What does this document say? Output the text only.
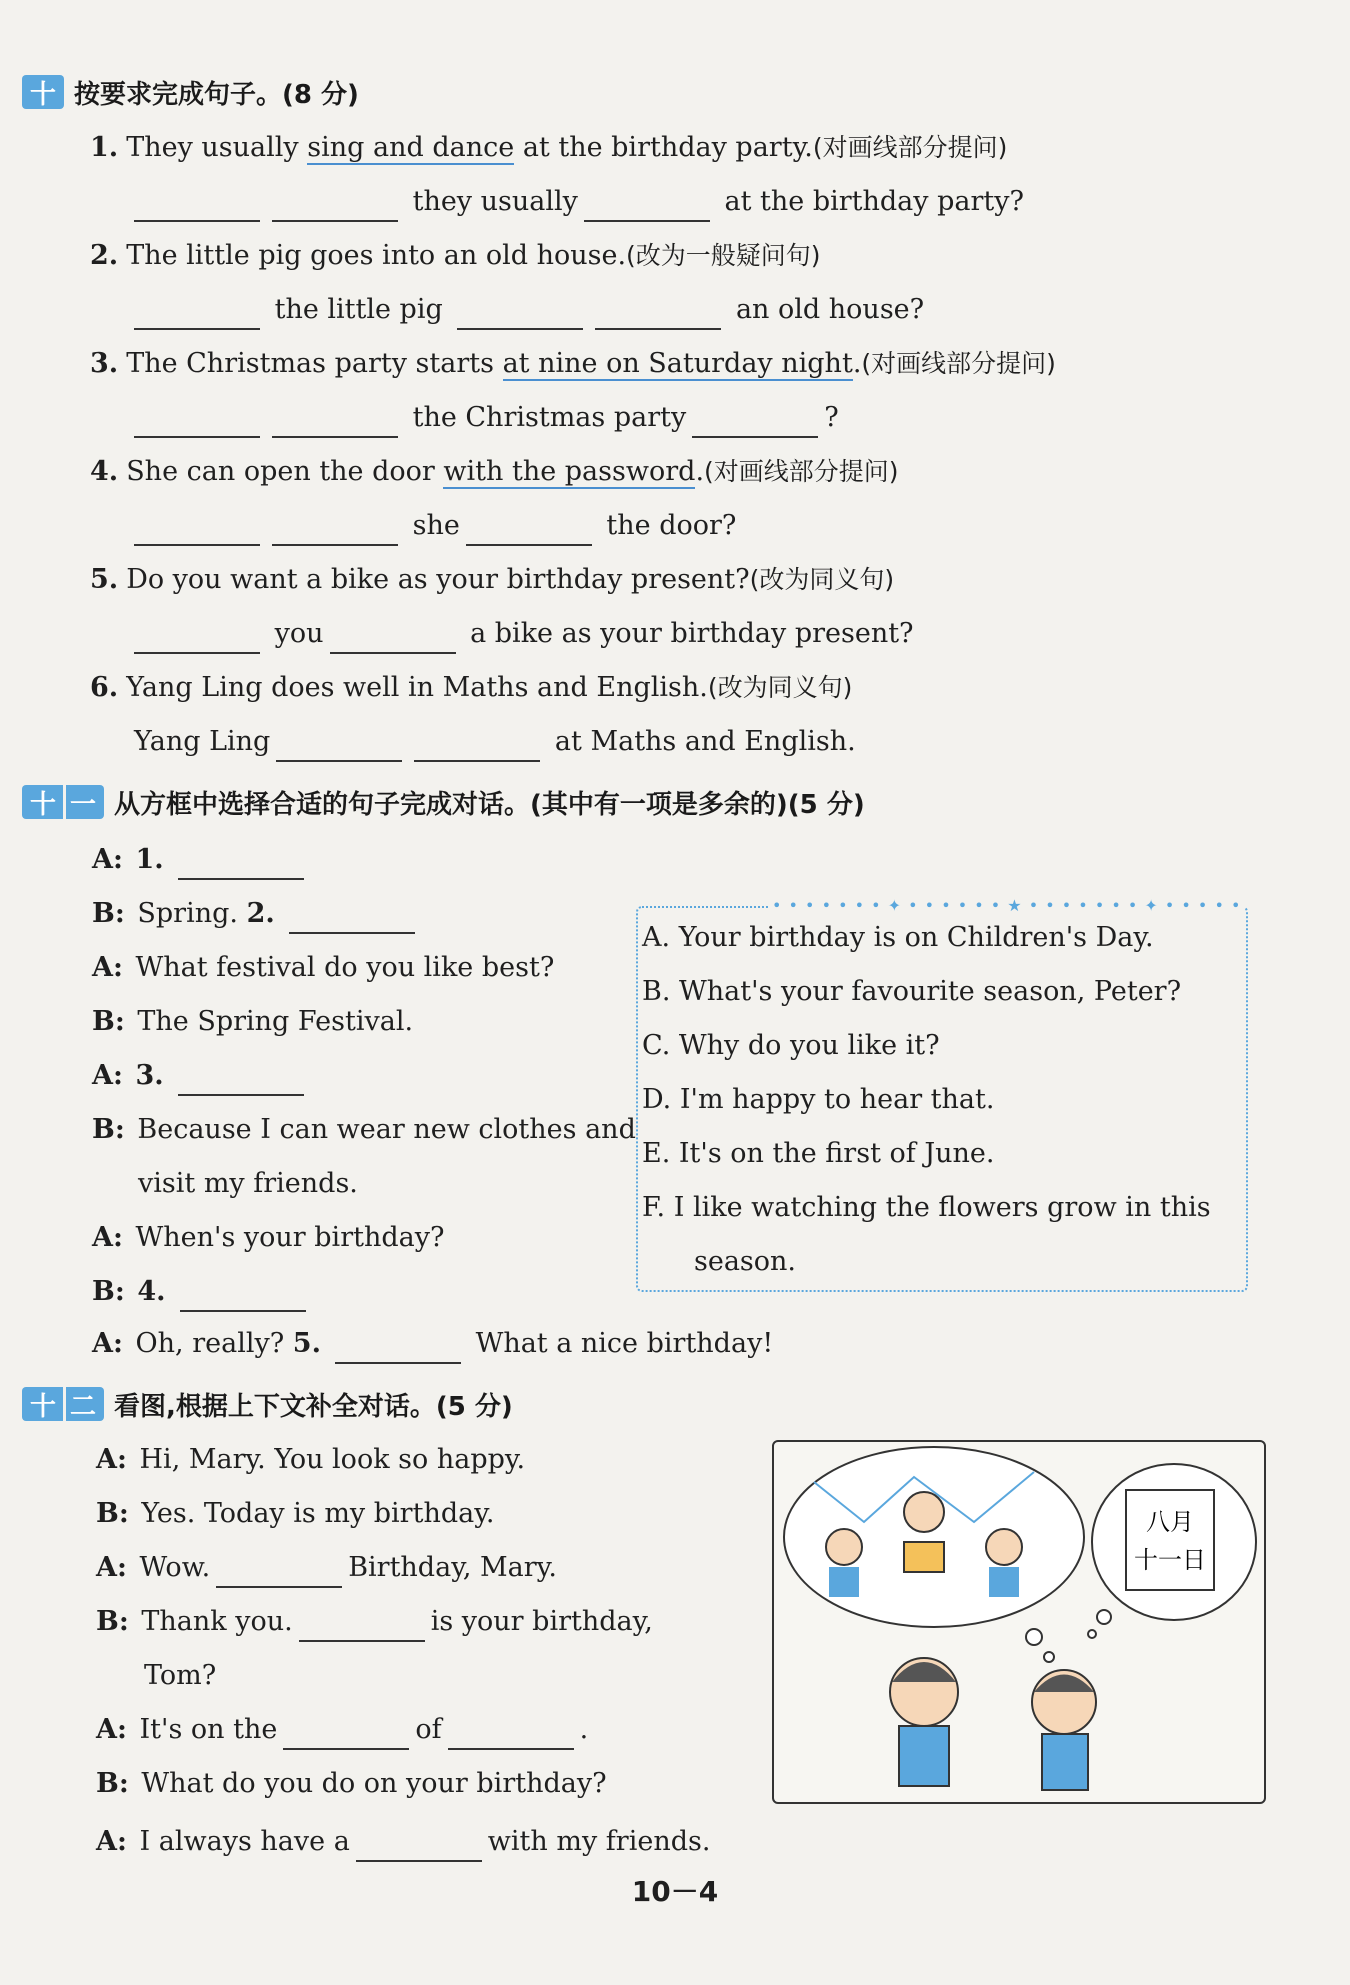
十 按要求完成句子。(8 分)
1. They usually sing and dance at the birthday party.(对画线部分提问)
they usually	at the birthday party?
2. The little pig goes into an old house.(改为一般疑问句)
the little pig	an old house?
3. The Christmas party starts at nine on Saturday night.(对画线部分提问)
the Christmas party	?
4. She can open the door with the password.(对画线部分提问)
she	the door?
5. Do you want a bike as your birthday present?(改为同义句)
you	a bike as your birthday present?
6. Yang Ling does well in Maths and English.(改为同义句)
Yang Ling	at Maths and English.
十 一 从方框中选择合适的句子完成对话。(其中有一项是多余的)(5 分)
A: 1.
B: Spring. 2.
A: What festival do you like best?
B: The Spring Festival.
A: 3.
B: Because I can wear new clothes and
visit my friends.
A: When's your birthday?
B: 4.
A: Oh, really? 5.	What a nice birthday!
• • • • • • • ✦ • • • • • • ★ • • • • • • • ✦ • • • • •
A. Your birthday is on Children's Day.
B. What's your favourite season, Peter?
C. Why do you like it?
D. I'm happy to hear that.
E. It's on the first of June.
F. I like watching the flowers grow in this
season.
十 二 看图,根据上下文补全对话。(5 分)
A: Hi, Mary. You look so happy.
B: Yes. Today is my birthday.
A: Wow.	Birthday, Mary.
B: Thank you.	is your birthday,
Tom?
A: It's on the	of	.
B: What do you do on your birthday?
A: I always have a	with my friends.
八月
十一日
10－4
